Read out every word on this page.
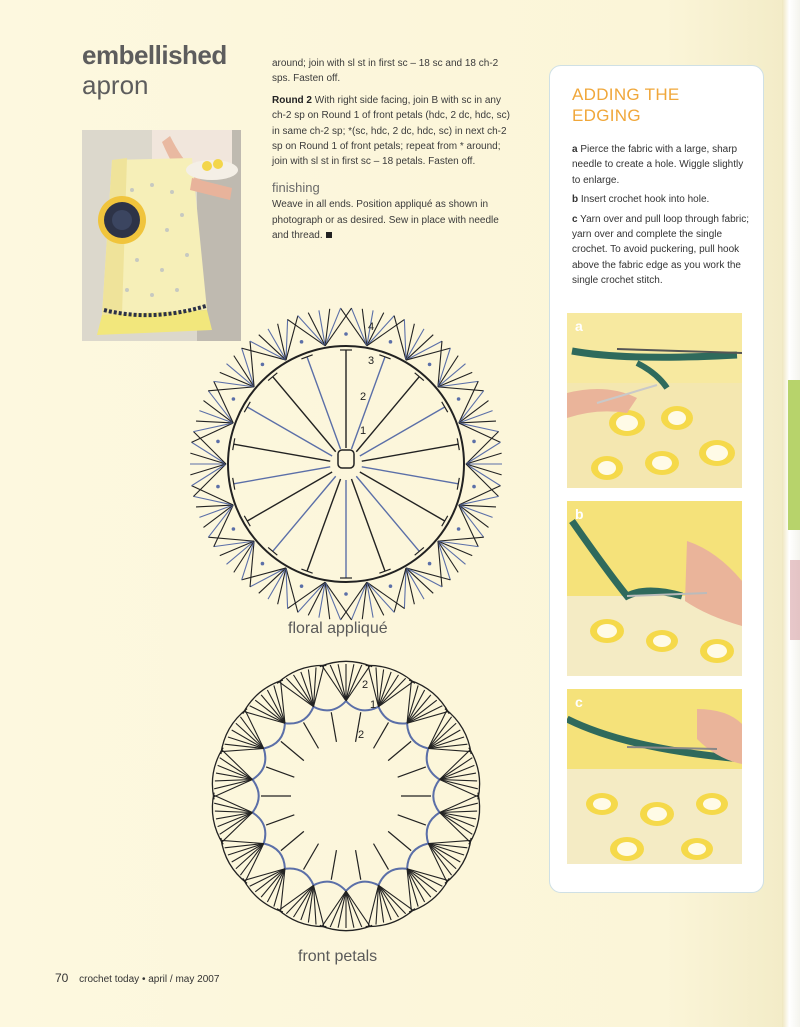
embellished
apron

around; join with sl st in first sc – 18 sc and 18 ch-2 sps. Fasten off.

Round 2 With right side facing, join B with sc in any ch-2 sp on Round 1 of front petals (hdc, 2 dc, hdc, sc) in same ch-2 sp; *(sc, hdc, 2 dc, hdc, sc) in next ch-2 sp on Round 1 of front petals; repeat from * around; join with sl st in first sc – 18 petals. Fasten off.

finishing

Weave in all ends. Position appliqué as shown in photograph or as desired. Sew in place with needle and thread.

ADDING THE
EDGING

a Pierce the fabric with a large, sharp needle to create a hole. Wiggle slightly to enlarge.

b Insert crochet hook into hole.

c Yarn over and pull loop through fabric; yarn over and complete the single crochet. To avoid puckering, pull hook above the fabric edge as you work the single crochet stitch.

a
b
c
4
3
2
1
floral appliqué
2
1
2
front petals
70 crochet today • april / may 2007
